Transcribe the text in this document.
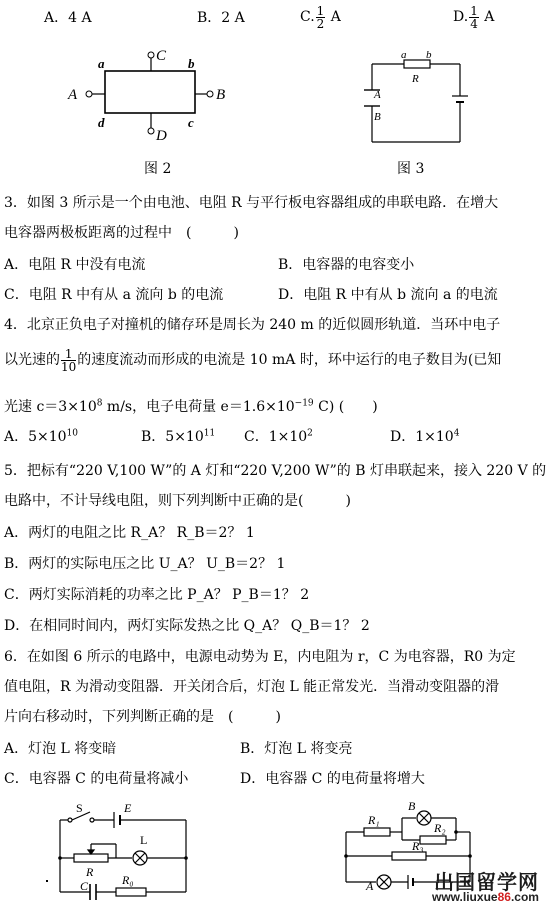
A．4 A	B．2 A	C. $\frac{1}{2}$ A	D. $\frac{1}{4}$ A
a	b
c
d
A	B
C
D
图 2
a b
R
A
B
图 3
3．如图 3 所示是一个由电池、电阻 R 与平行板电容器组成的串联电路．在增大
电容器两极板距离的过程中　(　　　)
A．电阻 R 中没有电流	B．电容器的电容变小
C．电阻 R 中有从 a 流向 b 的电流	D．电阻 R 中有从 b 流向 a 的电流
4．北京正负电子对撞机的储存环是周长为 240 m 的近似圆形轨道．当环中电子
以光速的 $\frac{1}{10}$ 的速度流动而形成的电流是 10 mA 时，环中运行的电子数目为(已知
光速 $c=3\times 10^8$ m/s，电子电荷量 $e=1.6\times 10^{-19}$ C) (　　)
A．$5\times 10^{10}$	B．$5\times 10^{11}$ C．$1\times 10^2$	D．$1\times 10^4$
5．把标有“220 V,100 W”的 A 灯和“220 V,200 W”的 B 灯串联起来，接入 220 V 的
电路中，不计导线电阻，则下列判断中正确的是(　　　)
A．两灯的电阻之比 R_A？ R_B＝2？ 1
B．两灯的实际电压之比 U_A？ U_B＝2？ 1
C．两灯实际消耗的功率之比 P_A？ P_B＝1？ 2
D．在相同时间内，两灯实际发热之比 Q_A？ Q_B＝1？ 2
6．在如图 6 所示的电路中，电源电动势为 E，内电阻为 r，C 为电容器，R0 为定
值电阻，R 为滑动变阻器．开关闭合后，灯泡 L 能正常发光．当滑动变阻器的滑
片向右移动时，下列判断正确的是　(　　　)
A．灯泡 L 将变暗	B．灯泡 L 将变亮
C．电容器 C 的电荷量将减小	D．电容器 C 的电荷量将增大
S	E
R
L
C	R₀
R₁
B
R₂
R₃
A	出国留学网
www.liuxue86.com
